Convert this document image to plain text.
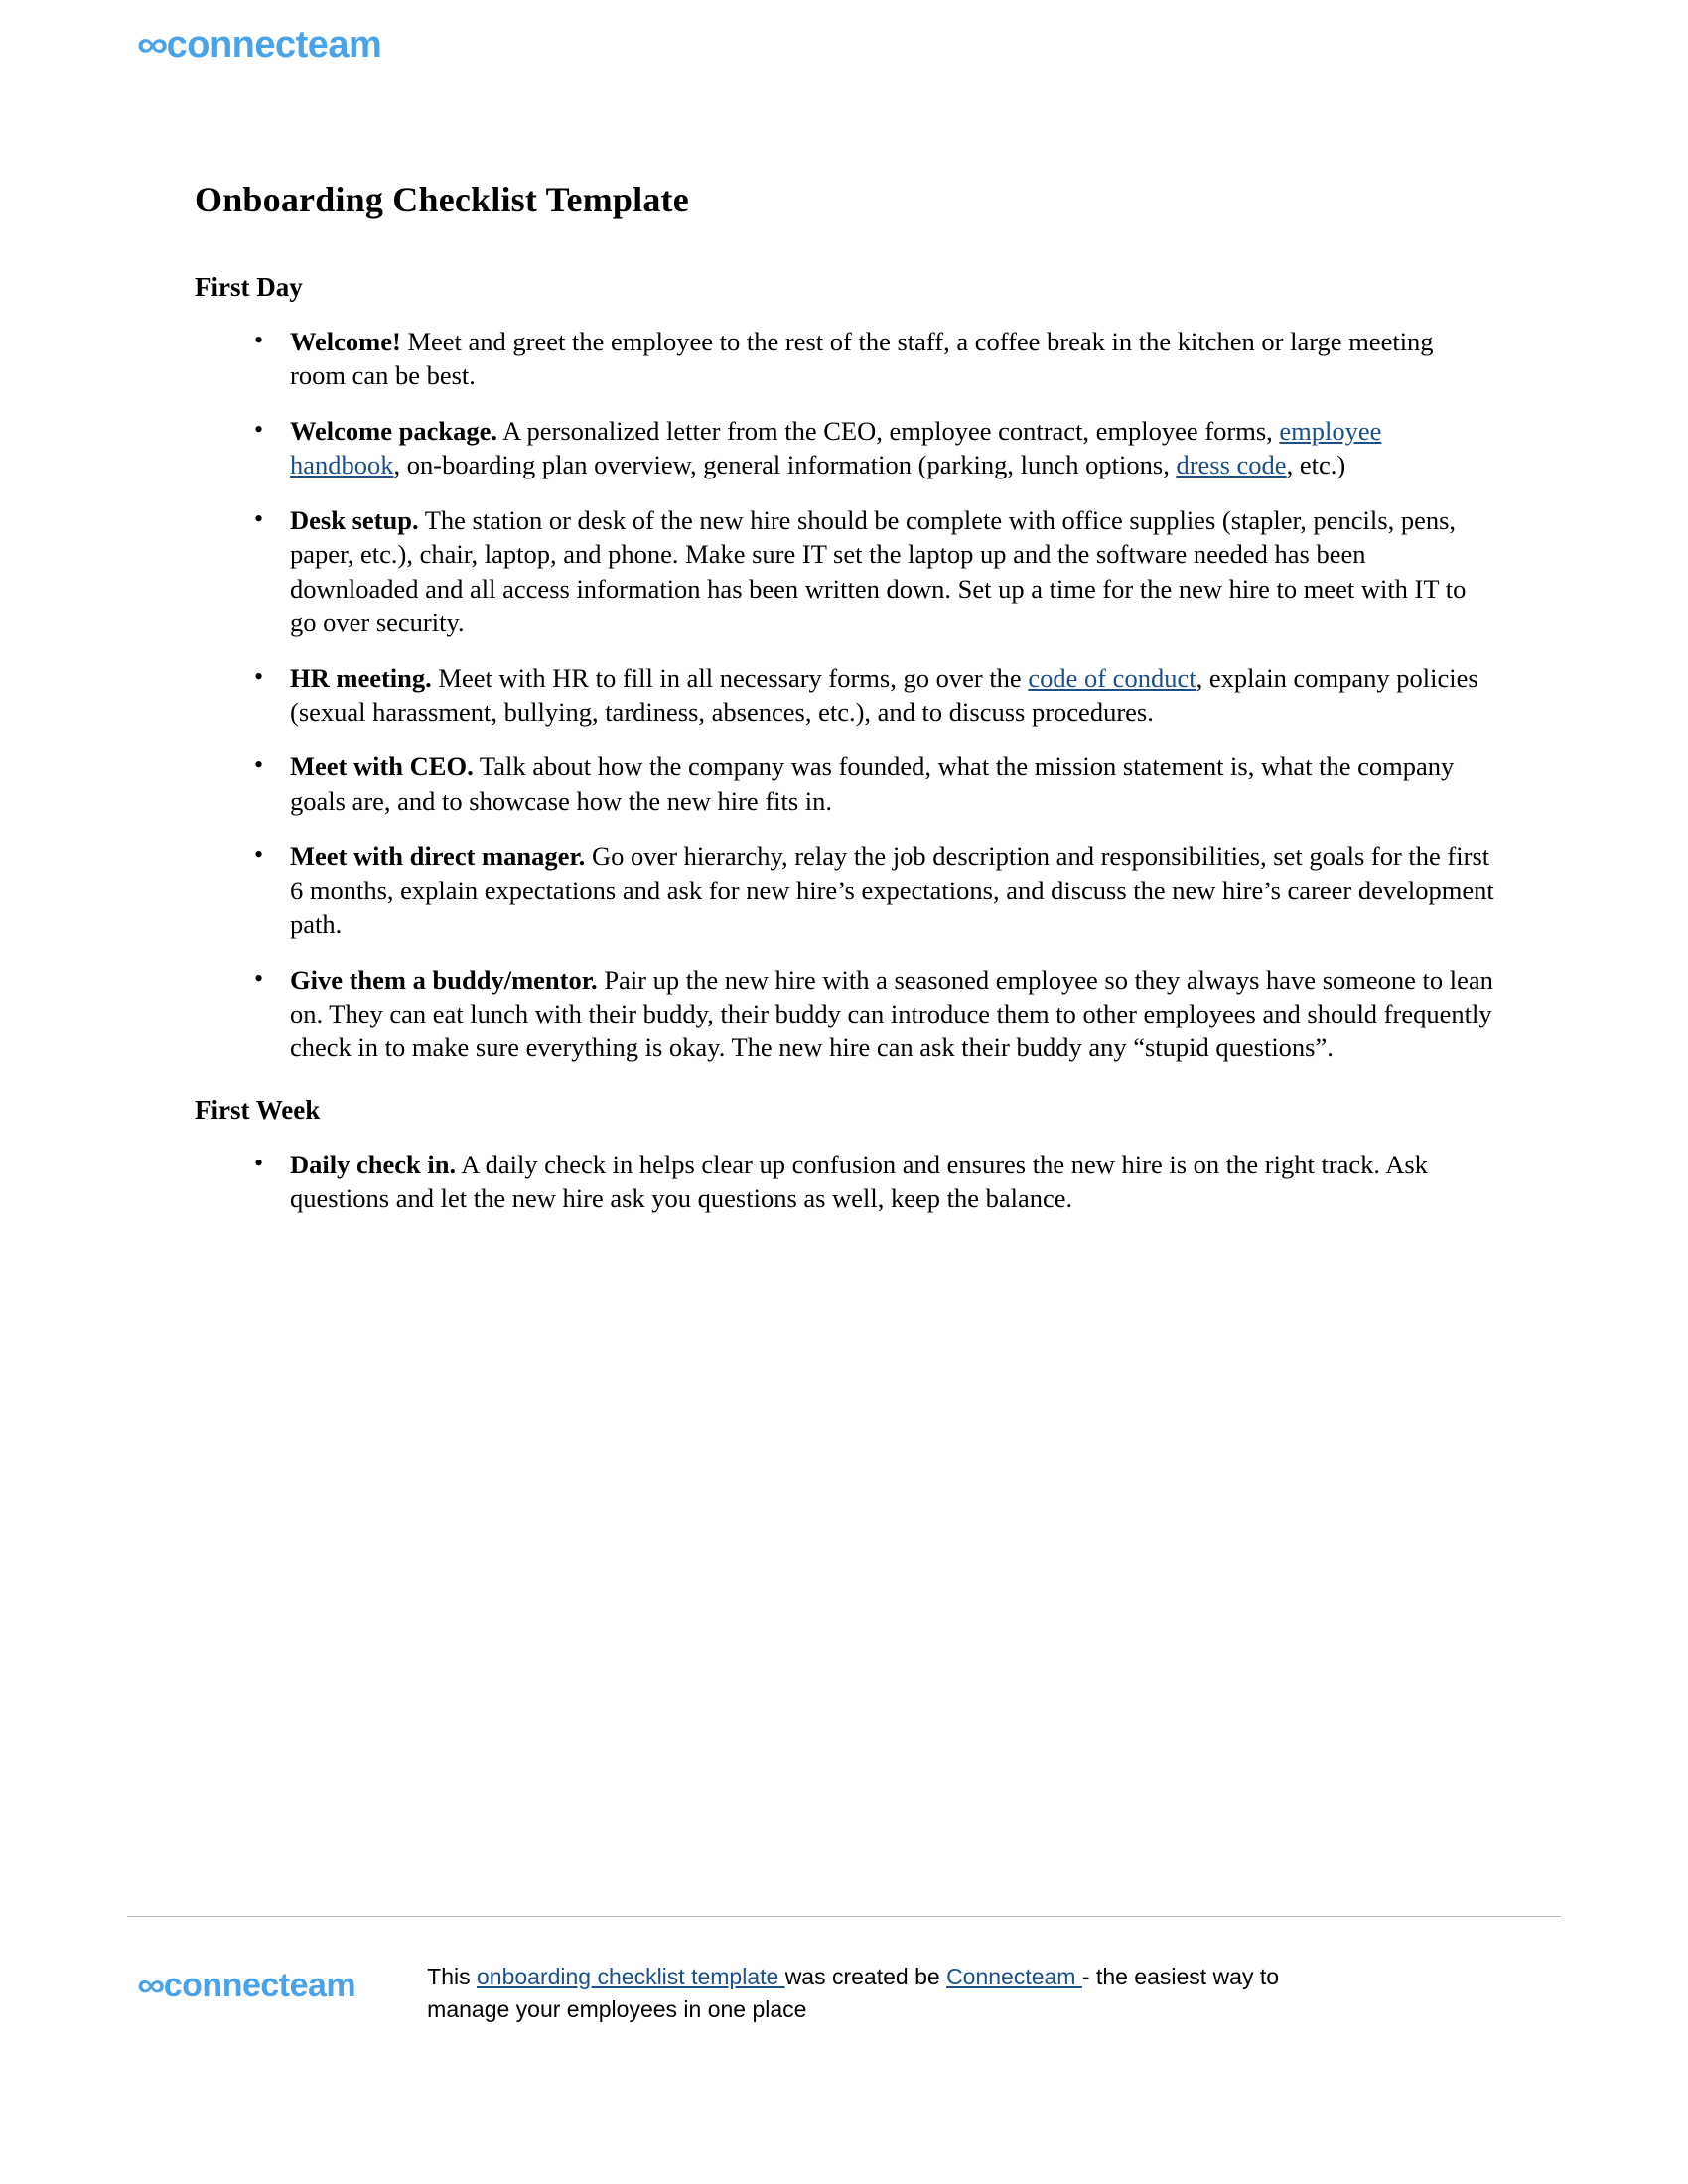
∞connecteam
Onboarding Checklist Template
First Day
• Welcome! Meet and greet the employee to the rest of the staff, a coffee break in the kitchen or large meeting room can be best.
• Welcome package. A personalized letter from the CEO, employee contract, employee forms, employee handbook, on-boarding plan overview, general information (parking, lunch options, dress code, etc.)
• Desk setup. The station or desk of the new hire should be complete with office supplies (stapler, pencils, pens, paper, etc.), chair, laptop, and phone. Make sure IT set the laptop up and the software needed has been downloaded and all access information has been written down. Set up a time for the new hire to meet with IT to go over security.
• HR meeting. Meet with HR to fill in all necessary forms, go over the code of conduct, explain company policies (sexual harassment, bullying, tardiness, absences, etc.), and to discuss procedures.
• Meet with CEO. Talk about how the company was founded, what the mission statement is, what the company goals are, and to showcase how the new hire fits in.
• Meet with direct manager. Go over hierarchy, relay the job description and responsibilities, set goals for the first 6 months, explain expectations and ask for new hire’s expectations, and discuss the new hire’s career development path.
• Give them a buddy/mentor. Pair up the new hire with a seasoned employee so they always have someone to lean on. They can eat lunch with their buddy, their buddy can introduce them to other employees and should frequently check in to make sure everything is okay. The new hire can ask their buddy any “stupid questions”.
First Week
• Daily check in. A daily check in helps clear up confusion and ensures the new hire is on the right track. Ask questions and let the new hire ask you questions as well, keep the balance.
∞connecteam	This onboarding checklist template was created be Connecteam - the easiest way to manage your employees in one place
